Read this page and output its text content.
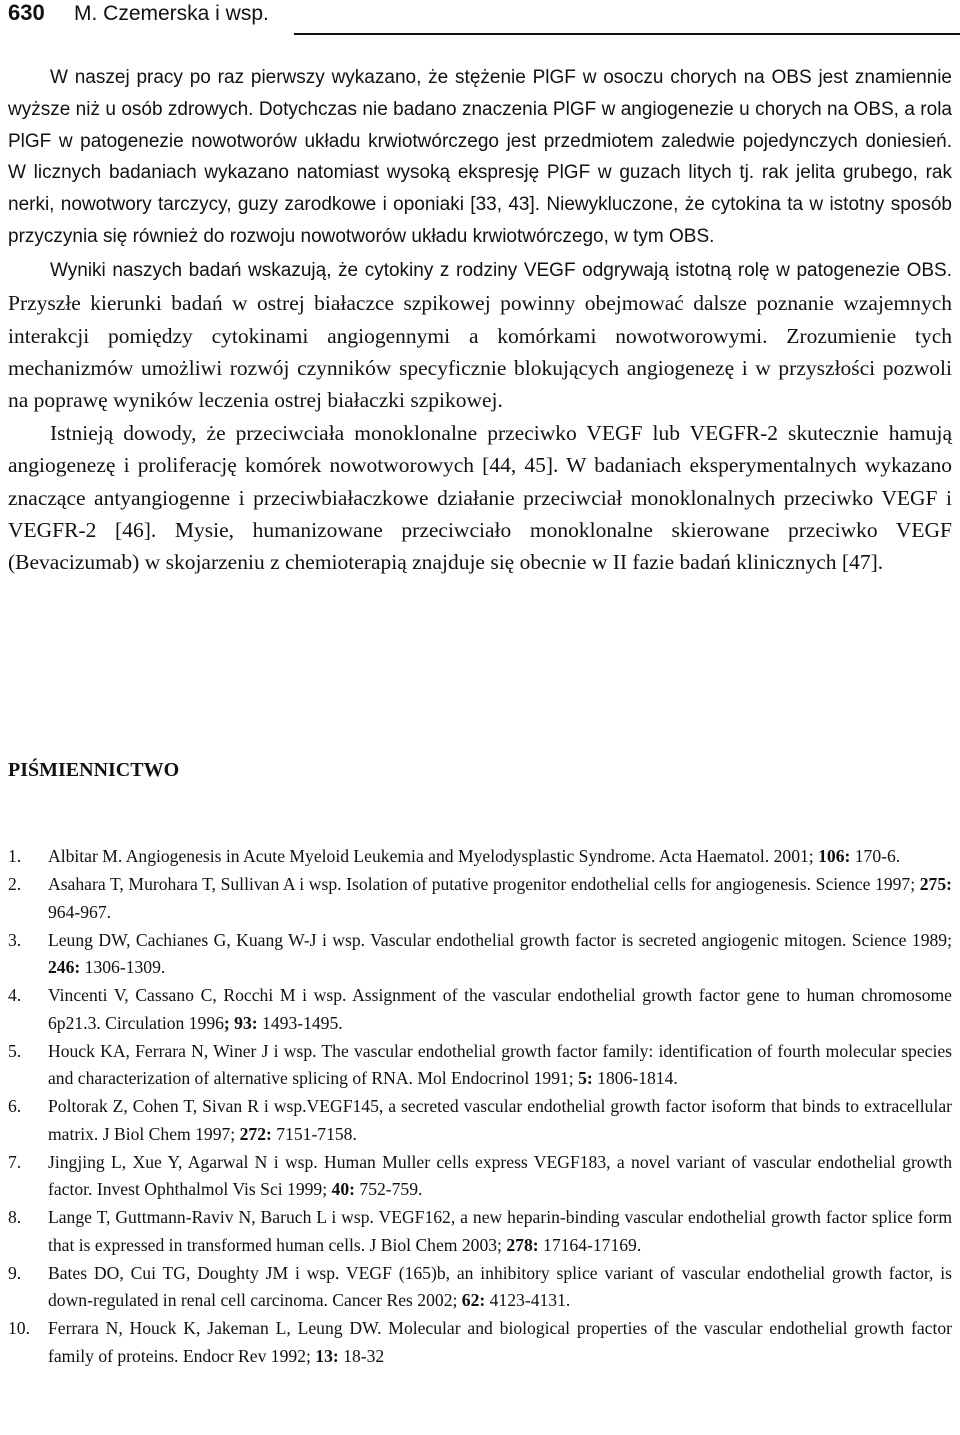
630 M. Czemerska i wsp.

W naszej pracy po raz pierwszy wykazano, że stężenie PlGF w osoczu chorych na OBS jest znamiennie wyższe niż u osób zdrowych. Dotychczas nie badano znaczenia PlGF w angiogenezie u chorych na OBS, a rola PlGF w patogenezie nowotworów układu krwiotwórczego jest przedmiotem zaledwie pojedynczych doniesień. W licznych badaniach wykazano natomiast wysoką ekspresję PlGF w guzach litych tj. rak jelita grubego, rak nerki, nowotwory tarczycy, guzy zarodkowe i oponiaki [33, 43]. Niewykluczone, że cytokina ta w istotny sposób przyczynia się również do rozwoju nowotworów układu krwiotwórczego, w tym OBS.

Wyniki naszych badań wskazują, że cytokiny z rodziny VEGF odgrywają istotną rolę w patogenezie OBS. Przyszłe kierunki badań w ostrej białaczce szpikowej powinny obejmować dalsze poznanie wzajemnych interakcji pomiędzy cytokinami angiogennymi a komórkami nowotworowymi. Zrozumienie tych mechanizmów umożliwi rozwój czynników specyficznie blokujących angiogenezę i w przyszłości pozwoli na poprawę wyników leczenia ostrej białaczki szpikowej.

Istnieją dowody, że przeciwciała monoklonalne przeciwko VEGF lub VEGFR-2 skutecznie hamują angiogenezę i proliferację komórek nowotworowych [44, 45]. W badaniach eksperymentalnych wykazano znaczące antyangiogenne i przeciwbiałaczkowe działanie przeciwciał monoklonalnych przeciwko VEGF i VEGFR-2 [46]. Mysie, humanizowane przeciwciało monoklonalne skierowane przeciwko VEGF (Bevacizumab) w skojarzeniu z chemioterapią znajduje się obecnie w II fazie badań klinicznych [47].

PIŚMIENNICTWO
1. Albitar M. Angiogenesis in Acute Myeloid Leukemia and Myelodysplastic Syndrome. Acta Haematol. 2001; 106: 170-6.
2. Asahara T, Murohara T, Sullivan A i wsp. Isolation of putative progenitor endothelial cells for angiogenesis. Science 1997; 275: 964-967.
3. Leung DW, Cachianes G, Kuang W-J i wsp. Vascular endothelial growth factor is secreted angiogenic mitogen. Science 1989; 246: 1306-1309.
4. Vincenti V, Cassano C, Rocchi M i wsp. Assignment of the vascular endothelial growth factor gene to human chromosome 6p21.3. Circulation 1996; 93: 1493-1495.
5. Houck KA, Ferrara N, Winer J i wsp. The vascular endothelial growth factor family: identification of fourth molecular species and characterization of alternative splicing of RNA. Mol Endocrinol 1991; 5: 1806-1814.
6. Poltorak Z, Cohen T, Sivan R i wsp.VEGF145, a secreted vascular endothelial growth factor isoform that binds to extracellular matrix. J Biol Chem 1997; 272: 7151-7158.
7. Jingjing L, Xue Y, Agarwal N i wsp. Human Muller cells express VEGF183, a novel variant of vascular endothelial growth factor. Invest Ophthalmol Vis Sci 1999; 40: 752-759.
8. Lange T, Guttmann-Raviv N, Baruch L i wsp. VEGF162, a new heparin-binding vascular endothelial growth factor splice form that is expressed in transformed human cells. J Biol Chem 2003; 278: 17164-17169.
9. Bates DO, Cui TG, Doughty JM i wsp. VEGF (165)b, an inhibitory splice variant of vascular endothelial growth factor, is down-regulated in renal cell carcinoma. Cancer Res 2002; 62: 4123-4131.
10. Ferrara N, Houck K, Jakeman L, Leung DW. Molecular and biological properties of the vascular endothelial growth factor family of proteins. Endocr Rev 1992; 13: 18-32
